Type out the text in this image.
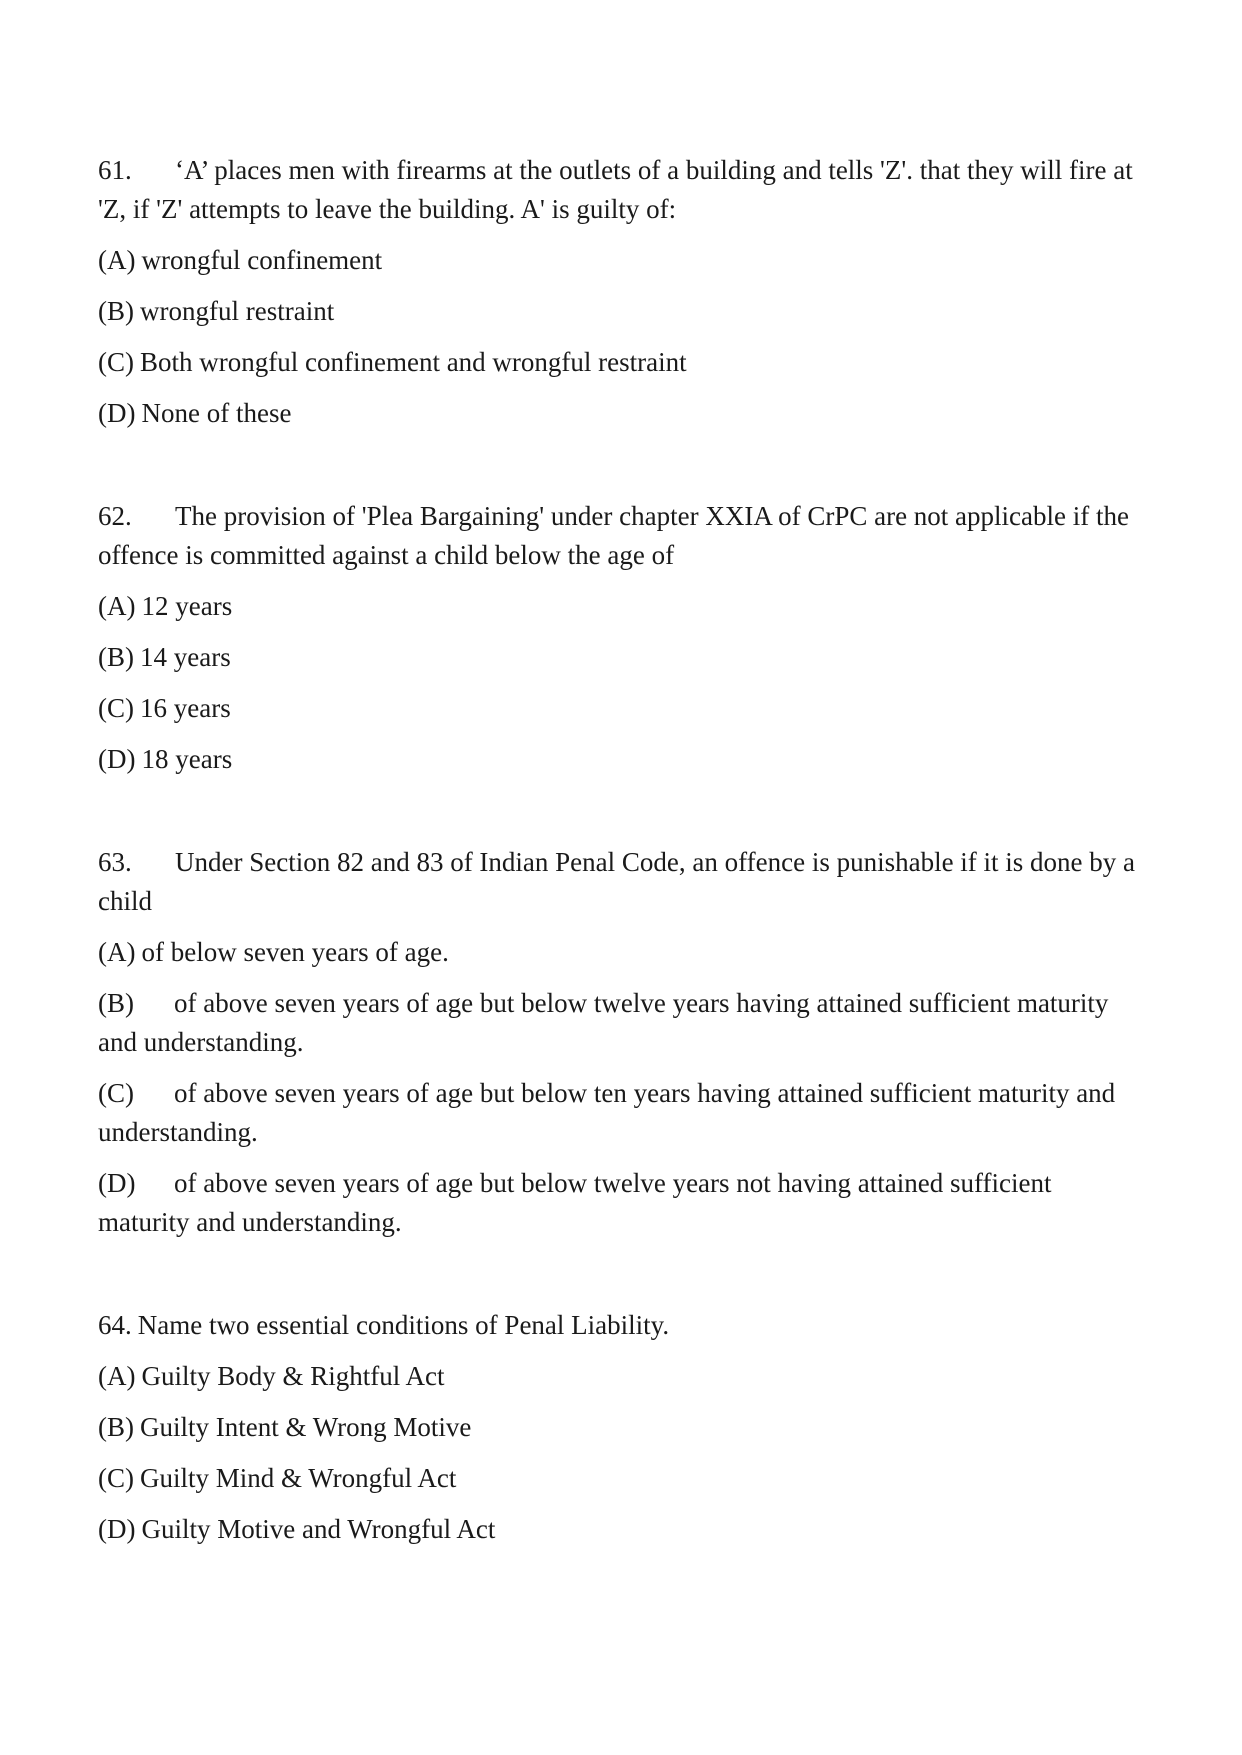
61. ‘A’ places men with firearms at the outlets of a building and tells 'Z'. that they will fire at 'Z, if 'Z' attempts to leave the building. A' is guilty of:

(A) wrongful confinement

(B) wrongful restraint

(C) Both wrongful confinement and wrongful restraint

(D) None of these

62. The provision of 'Plea Bargaining' under chapter XXIA of CrPC are not applicable if the offence is committed against a child below the age of

(A) 12 years

(B) 14 years

(C) 16 years

(D) 18 years

63. Under Section 82 and 83 of Indian Penal Code, an offence is punishable if it is done by a child

(A) of below seven years of age.

(B) of above seven years of age but below twelve years having attained sufficient maturity and understanding.

(C) of above seven years of age but below ten years having attained sufficient maturity and understanding.

(D) of above seven years of age but below twelve years not having attained sufficient maturity and understanding.

64. Name two essential conditions of Penal Liability.

(A) Guilty Body & Rightful Act

(B) Guilty Intent & Wrong Motive

(C) Guilty Mind & Wrongful Act

(D) Guilty Motive and Wrongful Act
